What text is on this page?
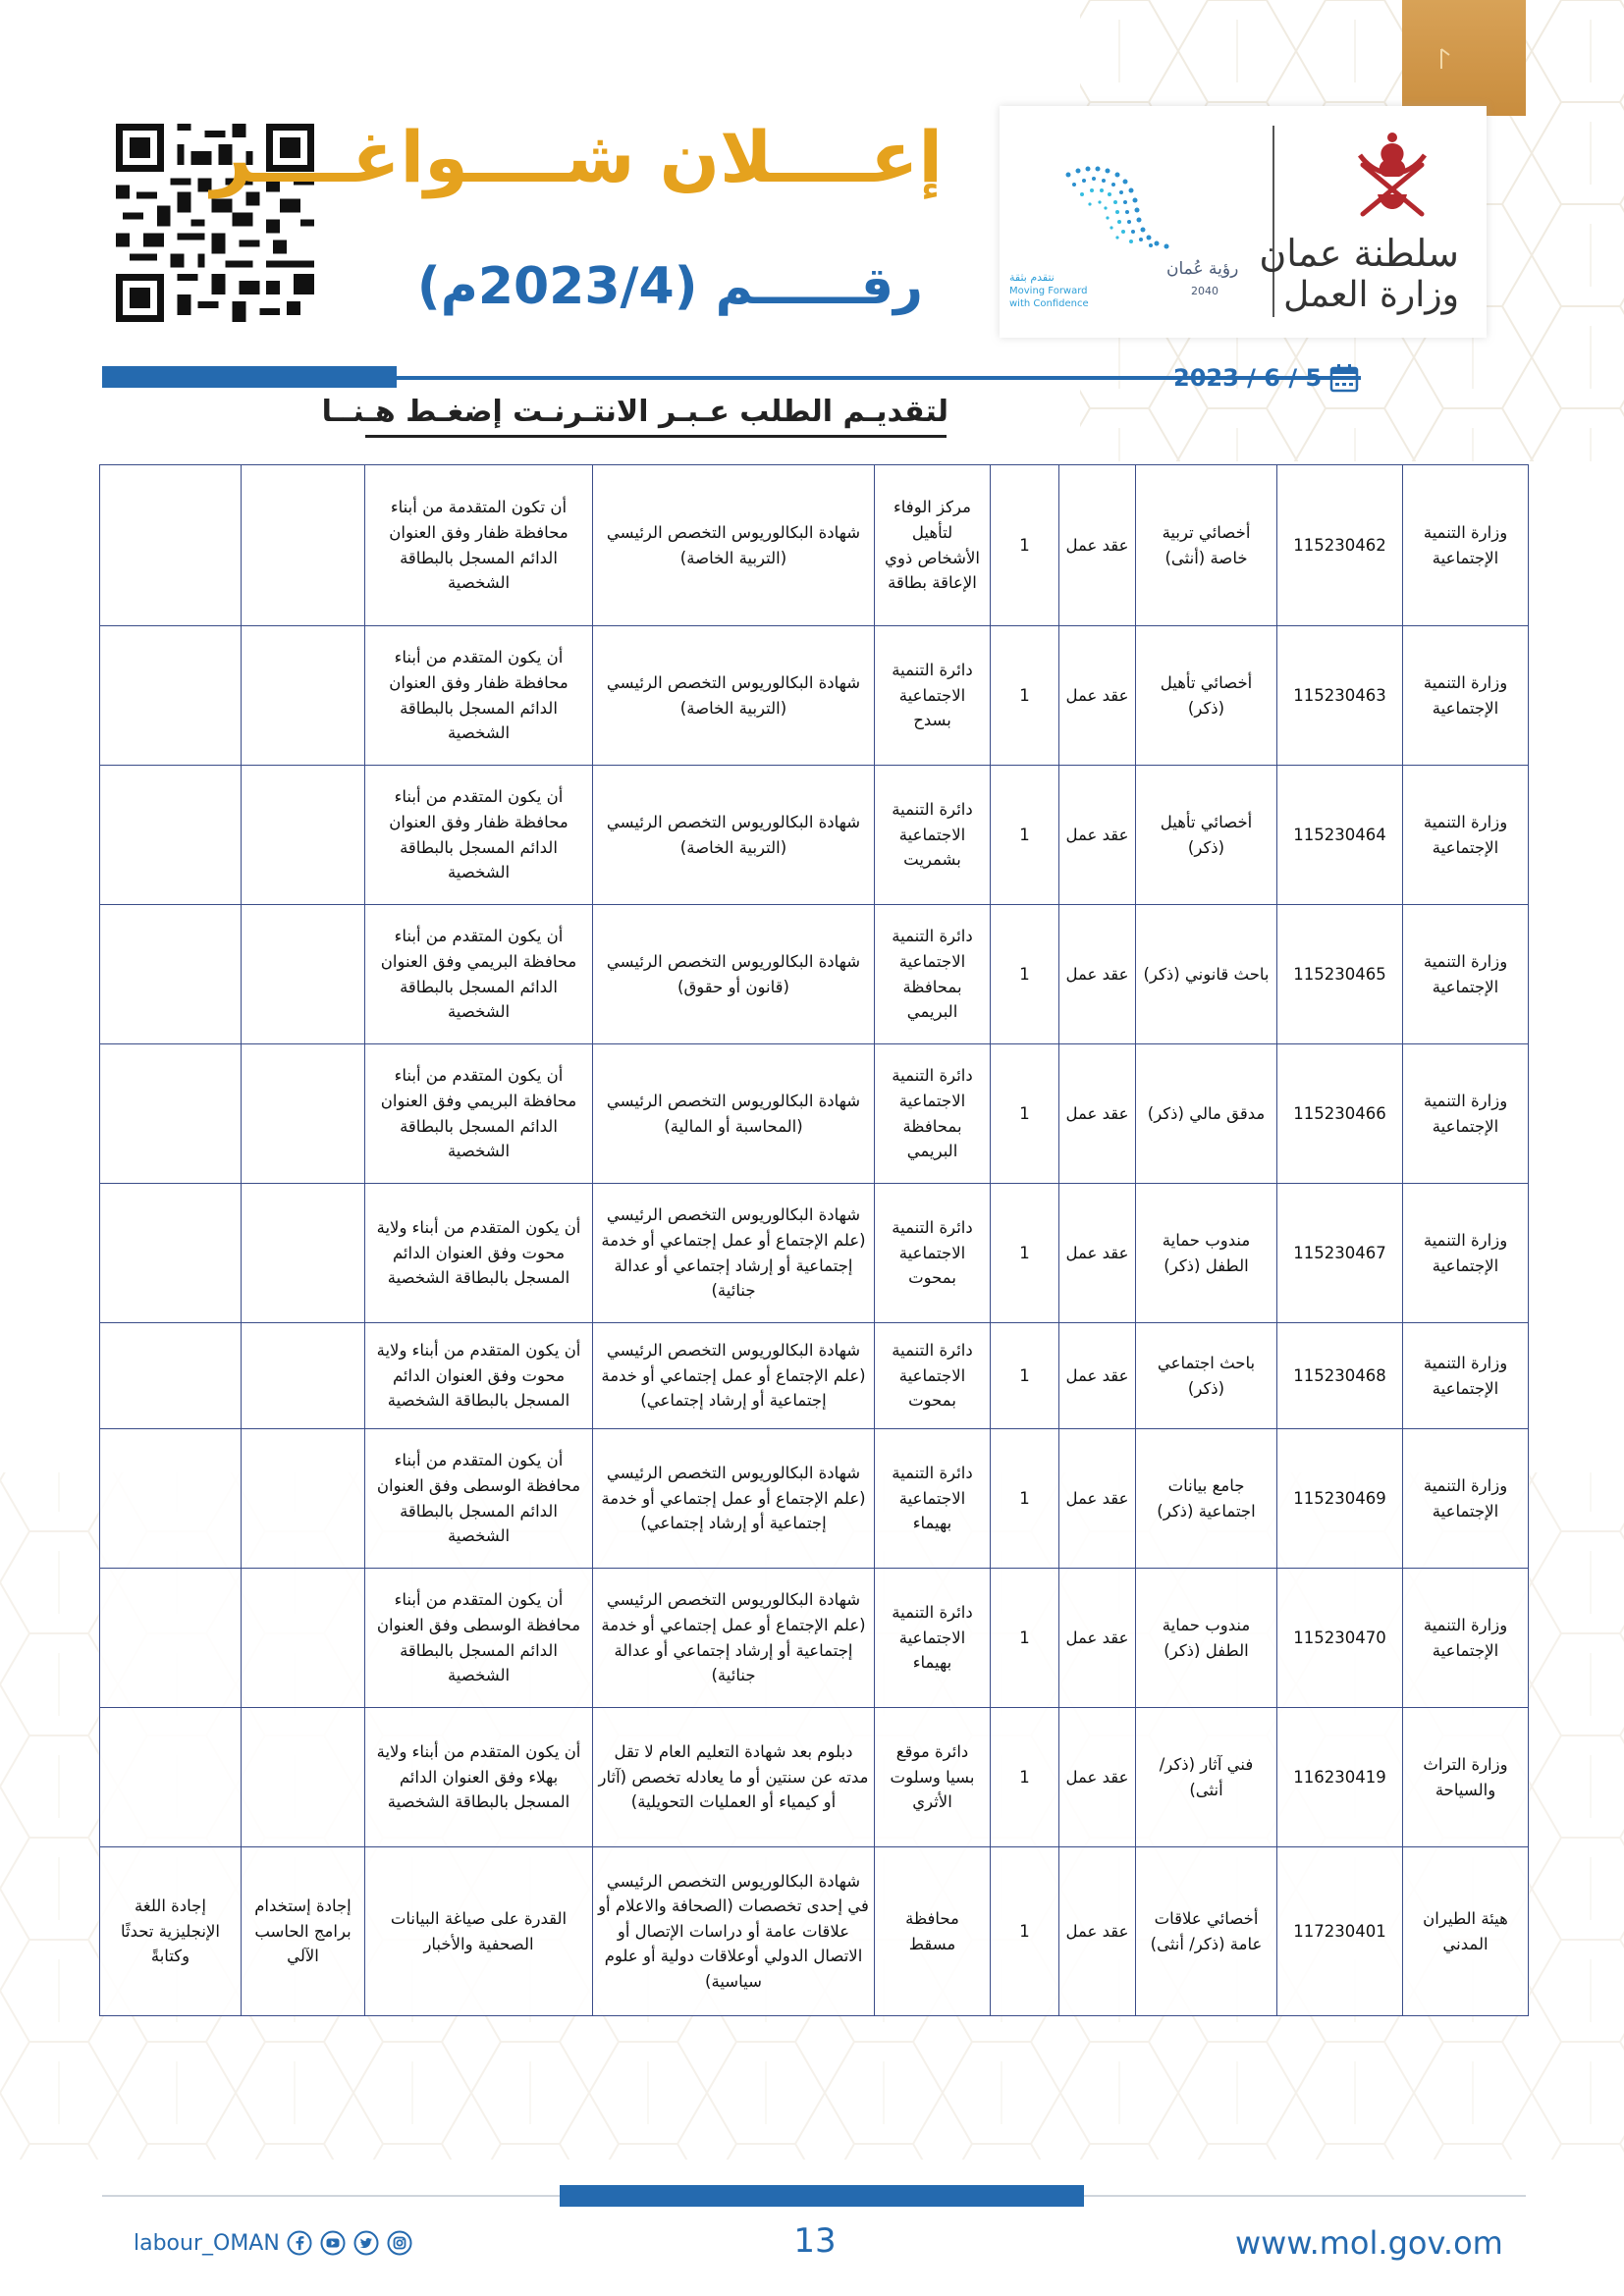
سلطنة عمان
وزارة العمل
رؤية عُمان
2040
نتقدم بثقة
Moving Forward
with Confidence
إعــــلان شــــواغــــر
رقــــــم (2023/4م)
2023 / 6 / 5
لتقديـم الطلب عـبـر الانتـرنـت إضغـط هـنــا
وزارة التنمية الإجتماعية	115230462	أخصائي تربية خاصة (أنثى)	عقد عمل	1	مركز الوفاء لتأهيل الأشخاص ذوي الإعاقة بطاقة	شهادة البكالوريوس التخصص الرئيسي (التربية الخاصة)	أن تكون المتقدمة من أبناء محافظة ظفار وفق العنوان الدائم المسجل بالبطاقة الشخصية		
وزارة التنمية الإجتماعية	115230463	أخصائي تأهيل (ذكر)	عقد عمل	1	دائرة التنمية الاجتماعية بسدح	شهادة البكالوريوس التخصص الرئيسي (التربية الخاصة)	أن يكون المتقدم من أبناء محافظة ظفار وفق العنوان الدائم المسجل بالبطاقة الشخصية		
وزارة التنمية الإجتماعية	115230464	أخصائي تأهيل (ذكر)	عقد عمل	1	دائرة التنمية الاجتماعية بشمريت	شهادة البكالوريوس التخصص الرئيسي (التربية الخاصة)	أن يكون المتقدم من أبناء محافظة ظفار وفق العنوان الدائم المسجل بالبطاقة الشخصية		
وزارة التنمية الإجتماعية	115230465	باحث قانوني (ذكر)	عقد عمل	1	دائرة التنمية الاجتماعية بمحافظة البريمي	شهادة البكالوريوس التخصص الرئيسي (قانون أو حقوق)	أن يكون المتقدم من أبناء محافظة البريمي وفق العنوان الدائم المسجل بالبطاقة الشخصية		
وزارة التنمية الإجتماعية	115230466	مدقق مالي (ذكر)	عقد عمل	1	دائرة التنمية الاجتماعية بمحافظة البريمي	شهادة البكالوريوس التخصص الرئيسي (المحاسبة أو المالية)	أن يكون المتقدم من أبناء محافظة البريمي وفق العنوان الدائم المسجل بالبطاقة الشخصية		
وزارة التنمية الإجتماعية	115230467	مندوب حماية الطفل (ذكر)	عقد عمل	1	دائرة التنمية الاجتماعية بمحوت	شهادة البكالوريوس التخصص الرئيسي (علم الإجتماع أو عمل إجتماعي أو خدمة إجتماعية أو إرشاد إجتماعي أو عدالة جنائية)	أن يكون المتقدم من أبناء ولاية محوت وفق العنوان الدائم المسجل بالبطاقة الشخصية		
وزارة التنمية الإجتماعية	115230468	باحث اجتماعي (ذكر)	عقد عمل	1	دائرة التنمية الاجتماعية بمحوت	شهادة البكالوريوس التخصص الرئيسي (علم الإجتماع أو عمل إجتماعي أو خدمة إجتماعية أو إرشاد إجتماعي)	أن يكون المتقدم من أبناء ولاية محوت وفق العنوان الدائم المسجل بالبطاقة الشخصية		
وزارة التنمية الإجتماعية	115230469	جامع بيانات اجتماعية (ذكر)	عقد عمل	1	دائرة التنمية الاجتماعية بهيماء	شهادة البكالوريوس التخصص الرئيسي (علم الإجتماع أو عمل إجتماعي أو خدمة إجتماعية أو إرشاد إجتماعي)	أن يكون المتقدم من أبناء محافظة الوسطى وفق العنوان الدائم المسجل بالبطاقة الشخصية		
وزارة التنمية الإجتماعية	115230470	مندوب حماية الطفل (ذكر)	عقد عمل	1	دائرة التنمية الاجتماعية بهيماء	شهادة البكالوريوس التخصص الرئيسي (علم الإجتماع أو عمل إجتماعي أو خدمة إجتماعية أو إرشاد إجتماعي أو عدالة جنائية)	أن يكون المتقدم من أبناء محافظة الوسطى وفق العنوان الدائم المسجل بالبطاقة الشخصية		
وزارة التراث والسياحة	116230419	فني آثار (ذكر/ أنثى)	عقد عمل	1	دائرة موقع بسيا وسلوت الأثري	دبلوم بعد شهادة التعليم العام لا تقل مدته عن سنتين أو ما يعادله تخصص (آثار أو كيمياء أو العمليات التحويلية)	أن يكون المتقدم من أبناء ولاية بهلاء وفق العنوان الدائم المسجل بالبطاقة الشخصية		
هيئة الطيران المدني	117230401	أخصائي علاقات عامة (ذكر/ أنثى)	عقد عمل	1	محافظة مسقط	شهادة البكالوريوس التخصص الرئيسي في إحدى تخصصات (الصحافة والاعلام أو علاقات عامة أو دراسات الإتصال أو الاتصال الدولي أوعلاقات دولية أو علوم سياسية)	القدرة على صياغة البيانات الصحفية والأخبار	إجادة إستخدام برامج الحاسب الآلي	إجادة اللغة الإنجليزية تحدثًا وكتابةً
labour_OMAN	13	www.mol.gov.om
